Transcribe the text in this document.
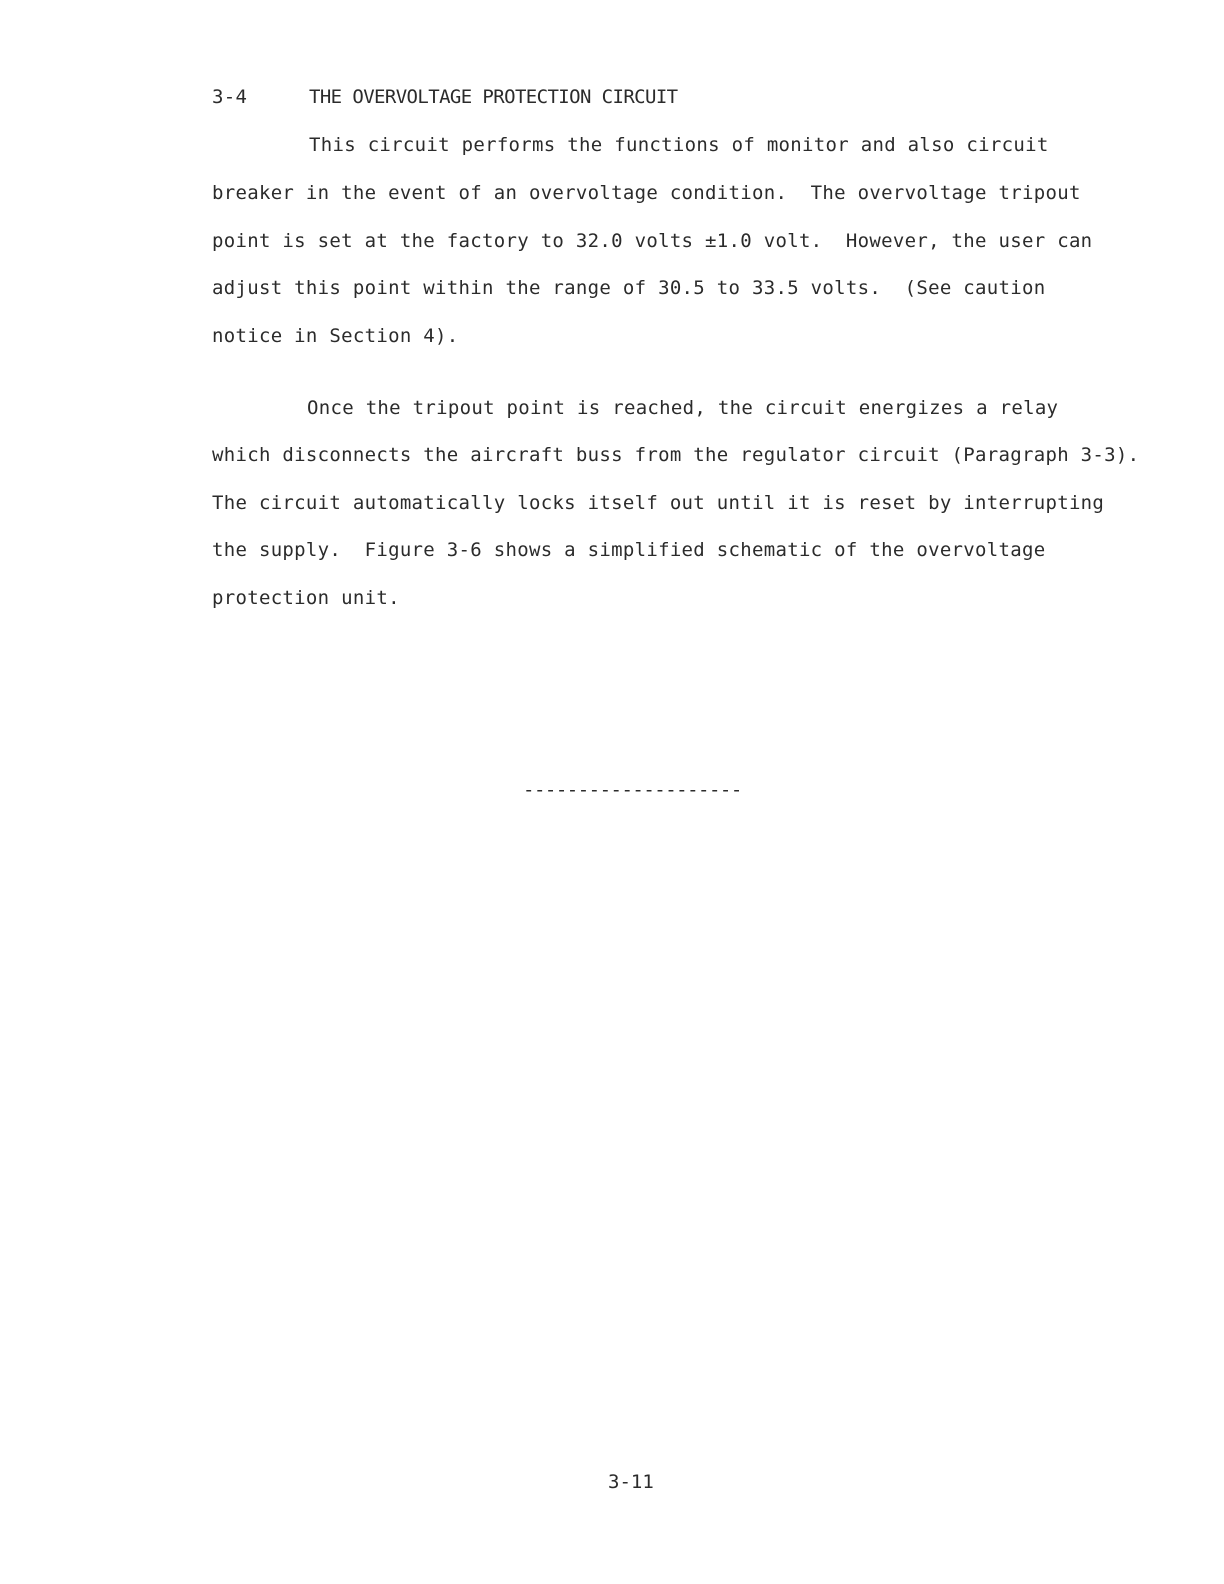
3-4	THE OVERVOLTAGE PROTECTION CIRCUIT
This circuit performs the functions of monitor and also circuit
breaker in the event of an overvoltage condition.  The overvoltage tripout
point is set at the factory to 32.0 volts ±1.0 volt.  However, the user can
adjust this point within the range of 30.5 to 33.5 volts.  (See caution
notice in Section 4).
Once the tripout point is reached, the circuit energizes a relay
which disconnects the aircraft buss from the regulator circuit (Paragraph 3-3).
The circuit automatically locks itself out until it is reset by interrupting
the supply.  Figure 3-6 shows a simplified schematic of the overvoltage
protection unit.
--------------------
3-11
